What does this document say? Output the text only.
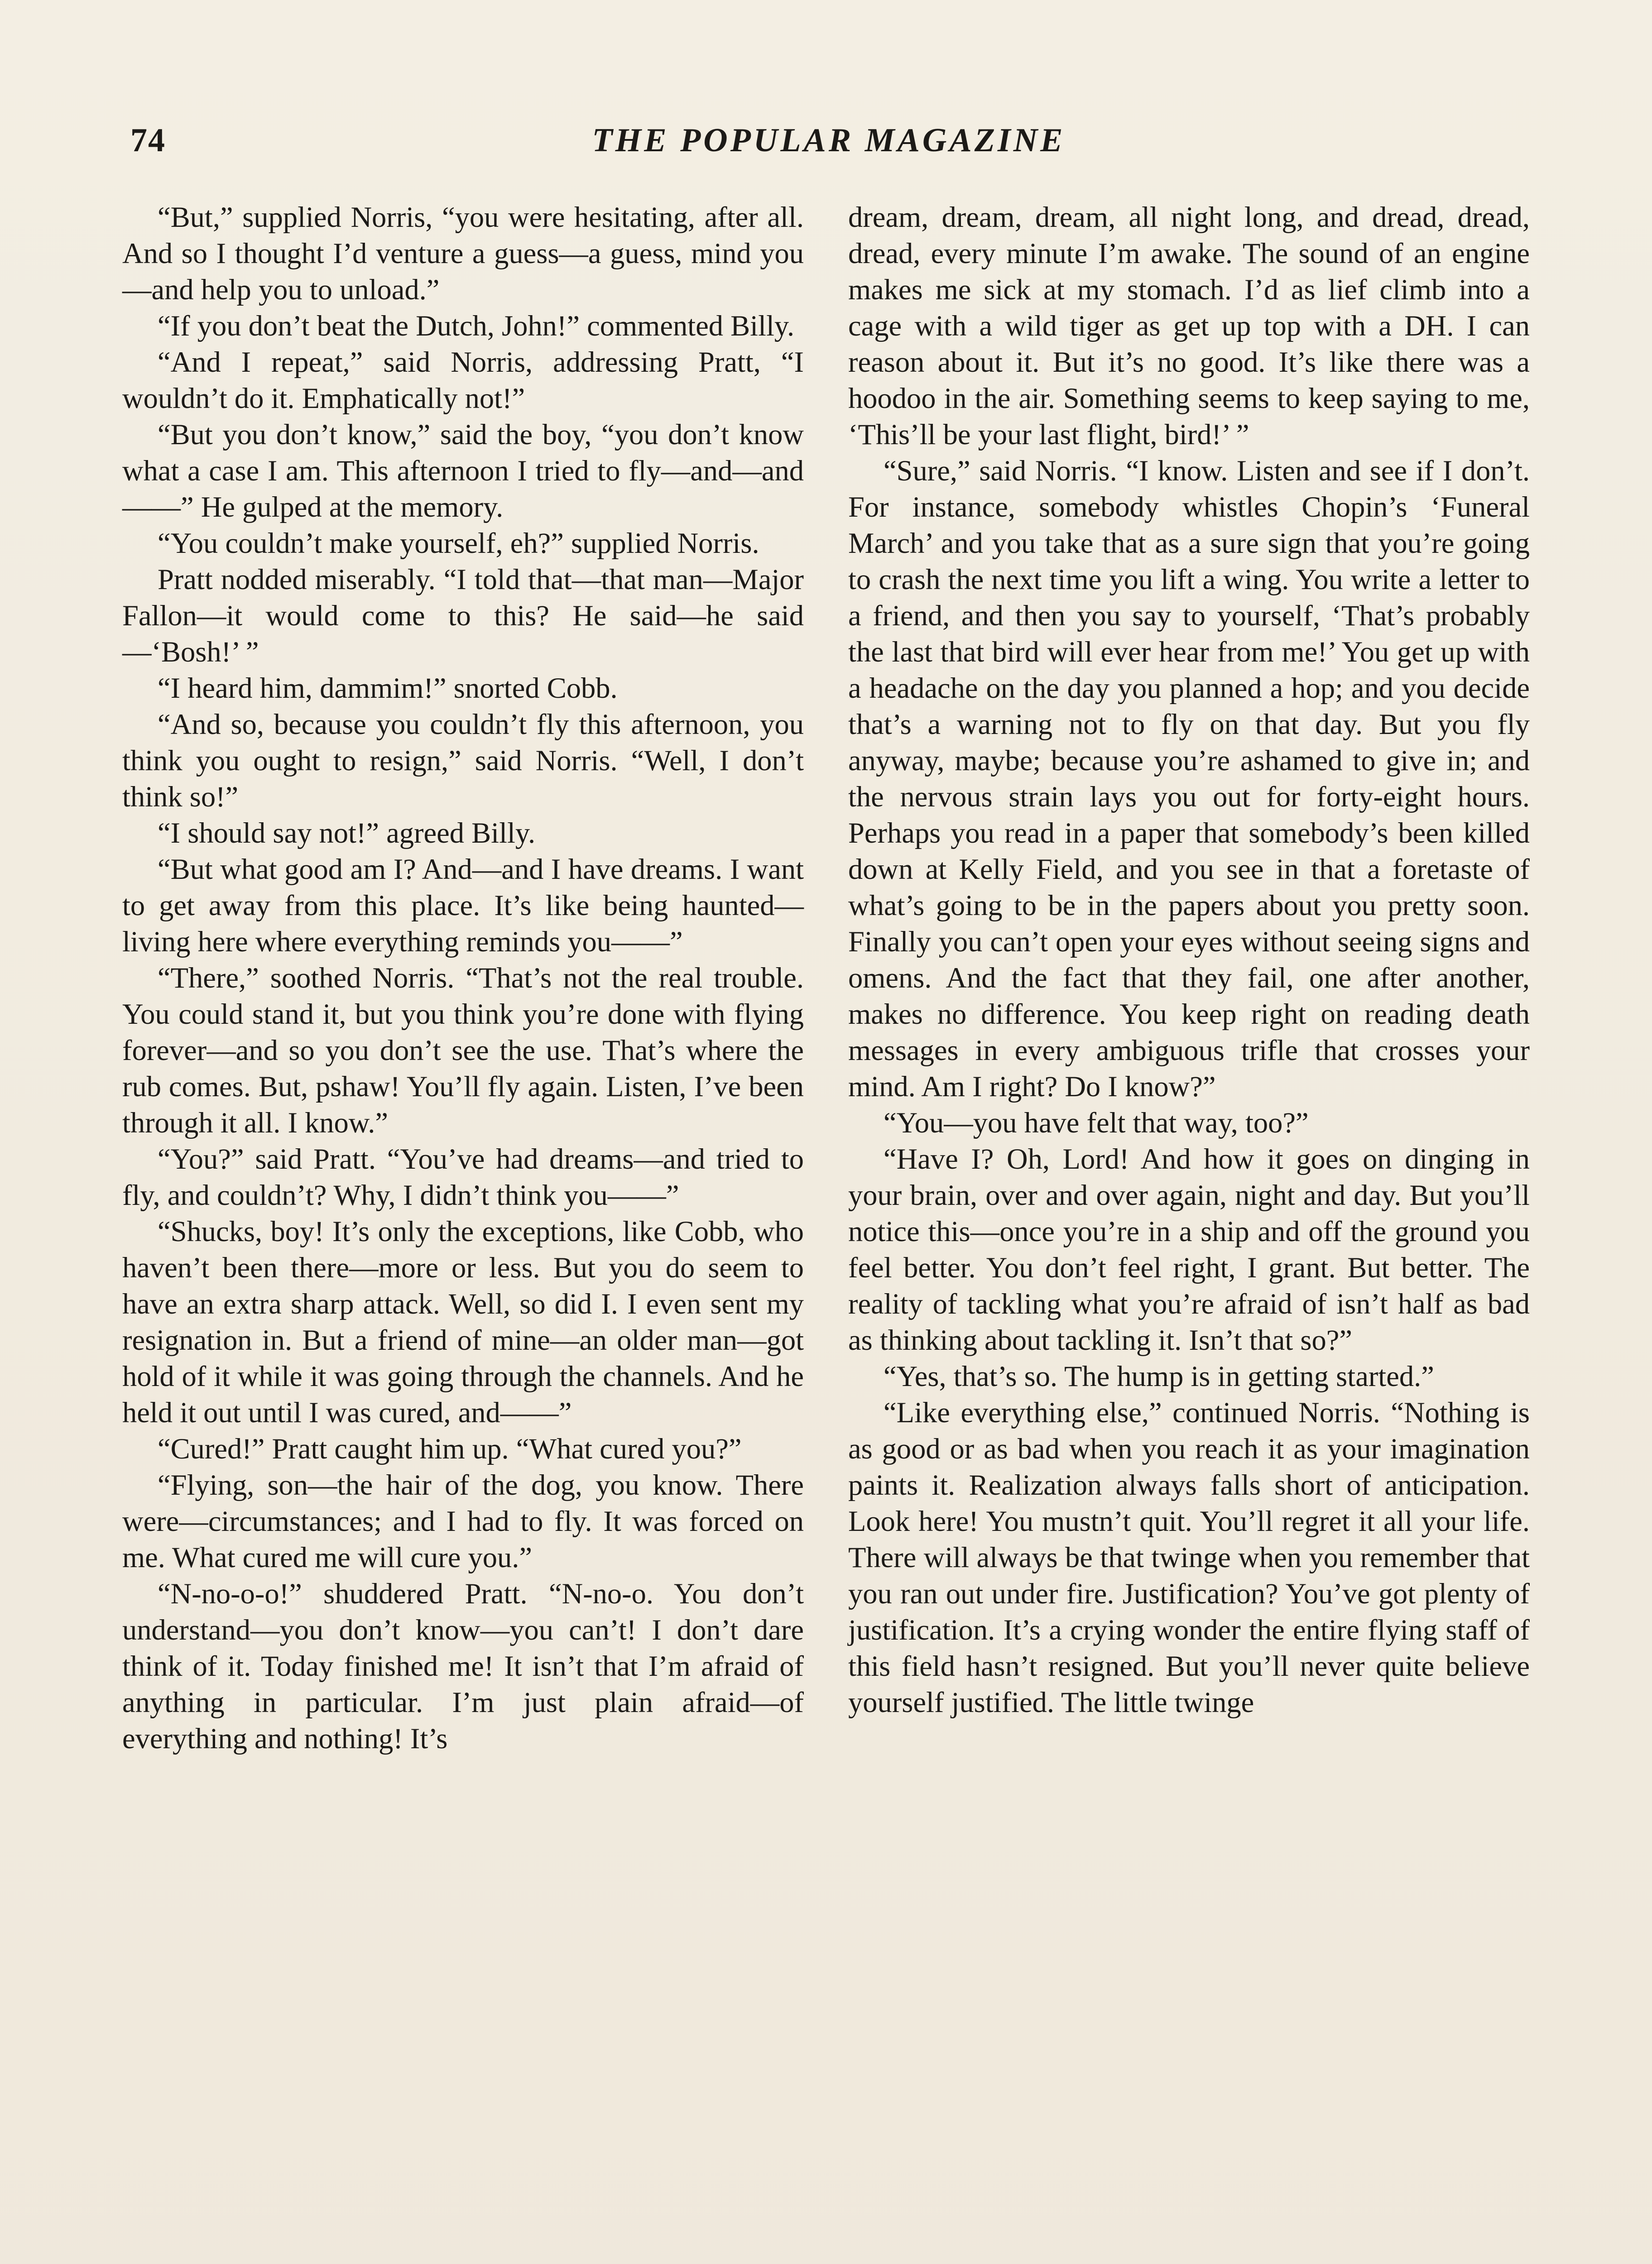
74	THE POPULAR MAGAZINE

“But,” supplied Norris, “you were hesitating, after all. And so I thought I’d venture a guess—a guess, mind you—and help you to unload.”

“If you don’t beat the Dutch, John!” commented Billy.

“And I repeat,” said Norris, addressing Pratt, “I wouldn’t do it. Emphatically not!”

“But you don’t know,” said the boy, “you don’t know what a case I am. This afternoon I tried to fly—and—and——” He gulped at the memory.

“You couldn’t make yourself, eh?” supplied Norris.

Pratt nodded miserably. “I told that—that man—Major Fallon—it would come to this? He said—he said—‘Bosh!’ ”

“I heard him, dammim!” snorted Cobb.

“And so, because you couldn’t fly this afternoon, you think you ought to resign,” said Norris. “Well, I don’t think so!”

“I should say not!” agreed Billy.

“But what good am I? And—and I have dreams. I want to get away from this place. It’s like being haunted—living here where everything reminds you——”

“There,” soothed Norris. “That’s not the real trouble. You could stand it, but you think you’re done with flying forever—and so you don’t see the use. That’s where the rub comes. But, pshaw! You’ll fly again. Listen, I’ve been through it all. I know.”

“You?” said Pratt. “You’ve had dreams—and tried to fly, and couldn’t? Why, I didn’t think you——”

“Shucks, boy! It’s only the exceptions, like Cobb, who haven’t been there—more or less. But you do seem to have an extra sharp attack. Well, so did I. I even sent my resignation in. But a friend of mine—an older man—got hold of it while it was going through the channels. And he held it out until I was cured, and——”

“Cured!” Pratt caught him up. “What cured you?”

“Flying, son—the hair of the dog, you know. There were—circumstances; and I had to fly. It was forced on me. What cured me will cure you.”

“N-no-o-o!” shuddered Pratt. “N-no-o. You don’t understand—you don’t know—you can’t! I don’t dare think of it. Today finished me! It isn’t that I’m afraid of anything in particular. I’m just plain afraid—of everything and nothing! It’s

dream, dream, dream, all night long, and dread, dread, dread, every minute I’m awake. The sound of an engine makes me sick at my stomach. I’d as lief climb into a cage with a wild tiger as get up top with a DH. I can reason about it. But it’s no good. It’s like there was a hoodoo in the air. Something seems to keep saying to me, ‘This’ll be your last flight, bird!’ ”

“Sure,” said Norris. “I know. Listen and see if I don’t. For instance, somebody whistles Chopin’s ‘Funeral March’ and you take that as a sure sign that you’re going to crash the next time you lift a wing. You write a letter to a friend, and then you say to yourself, ‘That’s probably the last that bird will ever hear from me!’ You get up with a headache on the day you planned a hop; and you decide that’s a warning not to fly on that day. But you fly anyway, maybe; because you’re ashamed to give in; and the nervous strain lays you out for forty-eight hours. Perhaps you read in a paper that somebody’s been killed down at Kelly Field, and you see in that a foretaste of what’s going to be in the papers about you pretty soon. Finally you can’t open your eyes without seeing signs and omens. And the fact that they fail, one after another, makes no difference. You keep right on reading death messages in every ambiguous trifle that crosses your mind. Am I right? Do I know?”

“You—you have felt that way, too?”

“Have I? Oh, Lord! And how it goes on dinging in your brain, over and over again, night and day. But you’ll notice this—once you’re in a ship and off the ground you feel better. You don’t feel right, I grant. But better. The reality of tackling what you’re afraid of isn’t half as bad as thinking about tackling it. Isn’t that so?”

“Yes, that’s so. The hump is in getting started.”

“Like everything else,” continued Norris. “Nothing is as good or as bad when you reach it as your imagination paints it. Realization always falls short of anticipation. Look here! You mustn’t quit. You’ll regret it all your life. There will always be that twinge when you remember that you ran out under fire. Justification? You’ve got plenty of justification. It’s a crying wonder the entire flying staff of this field hasn’t resigned. But you’ll never quite believe yourself justified. The little twinge
